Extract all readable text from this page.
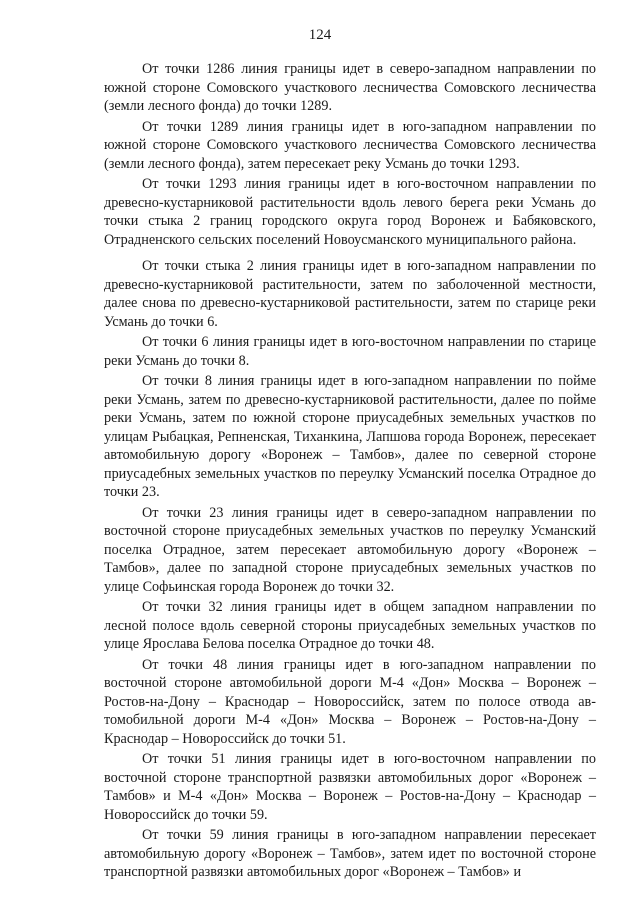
124

От точки 1286 линия границы идет в северо-западном направлении по южной стороне Сомовского участкового лесничества Сомовского лесничества (земли лесного фонда) до точки 1289.

От точки 1289 линия границы идет в юго-западном направлении по южной стороне Сомовского участкового лесничества Сомовского лесничества (земли лесного фонда), затем пересекает реку Усмань до точки 1293.

От точки 1293 линия границы идет в юго-восточном направлении по древесно-кустарниковой растительности вдоль левого берега реки Усмань до точки стыка 2 границ городского округа город Воронеж и Бабяковского, Отрадненского сельских поселений Новоусманского муниципального района.

От точки стыка 2 линия границы идет в юго-западном направлении по древесно-кустарниковой растительности, затем по заболоченной местности, далее снова по древесно-кустарниковой растительности, затем по старице реки Усмань до точки 6.

От точки 6 линия границы идет в юго-восточном направлении по старице реки Усмань до точки 8.

От точки 8 линия границы идет в юго-западном направлении по пойме реки Усмань, затем по древесно-кустарниковой растительности, далее по пойме реки Усмань, затем по южной стороне приусадебных земельных участков по улицам Рыбацкая, Репненская, Тиханкина, Лапшова города Воронеж, пересекает автомобильную дорогу «Воронеж – Тамбов», далее по северной стороне приусадебных земельных участков по переулку Усманский поселка Отрадное до точки 23.

От точки 23 линия границы идет в северо-западном направлении по восточной стороне приусадебных земельных участков по переулку Усманский поселка Отрадное, затем пересекает автомобильную дорогу «Воронеж – Тамбов», далее по западной стороне приусадебных земельных участков по улице Софьинская города Воронеж до точки 32.

От точки 32 линия границы идет в общем западном направлении по лесной полосе вдоль северной стороны приусадебных земельных участков по улице Ярослава Белова поселка Отрадное до точки 48.

От точки 48 линия границы идет в юго-западном направлении по восточной стороне автомобильной дороги М-4 «Дон» Москва – Воронеж – Ростов-на-Дону – Краснодар – Новороссийск, затем по полосе отвода автомобильной дороги М-4 «Дон» Москва – Воронеж – Ростов-на-Дону – Краснодар – Новороссийск до точки 51.

От точки 51 линия границы идет в юго-восточном направлении по восточной стороне транспортной развязки автомобильных дорог «Воронеж – Тамбов» и М-4 «Дон» Москва – Воронеж – Ростов-на-Дону – Краснодар – Новороссийск до точки 59.

От точки 59 линия границы в юго-западном направлении пересекает автомобильную дорогу «Воронеж – Тамбов», затем идет по восточной стороне транспортной развязки автомобильных дорог «Воронеж – Тамбов» и
